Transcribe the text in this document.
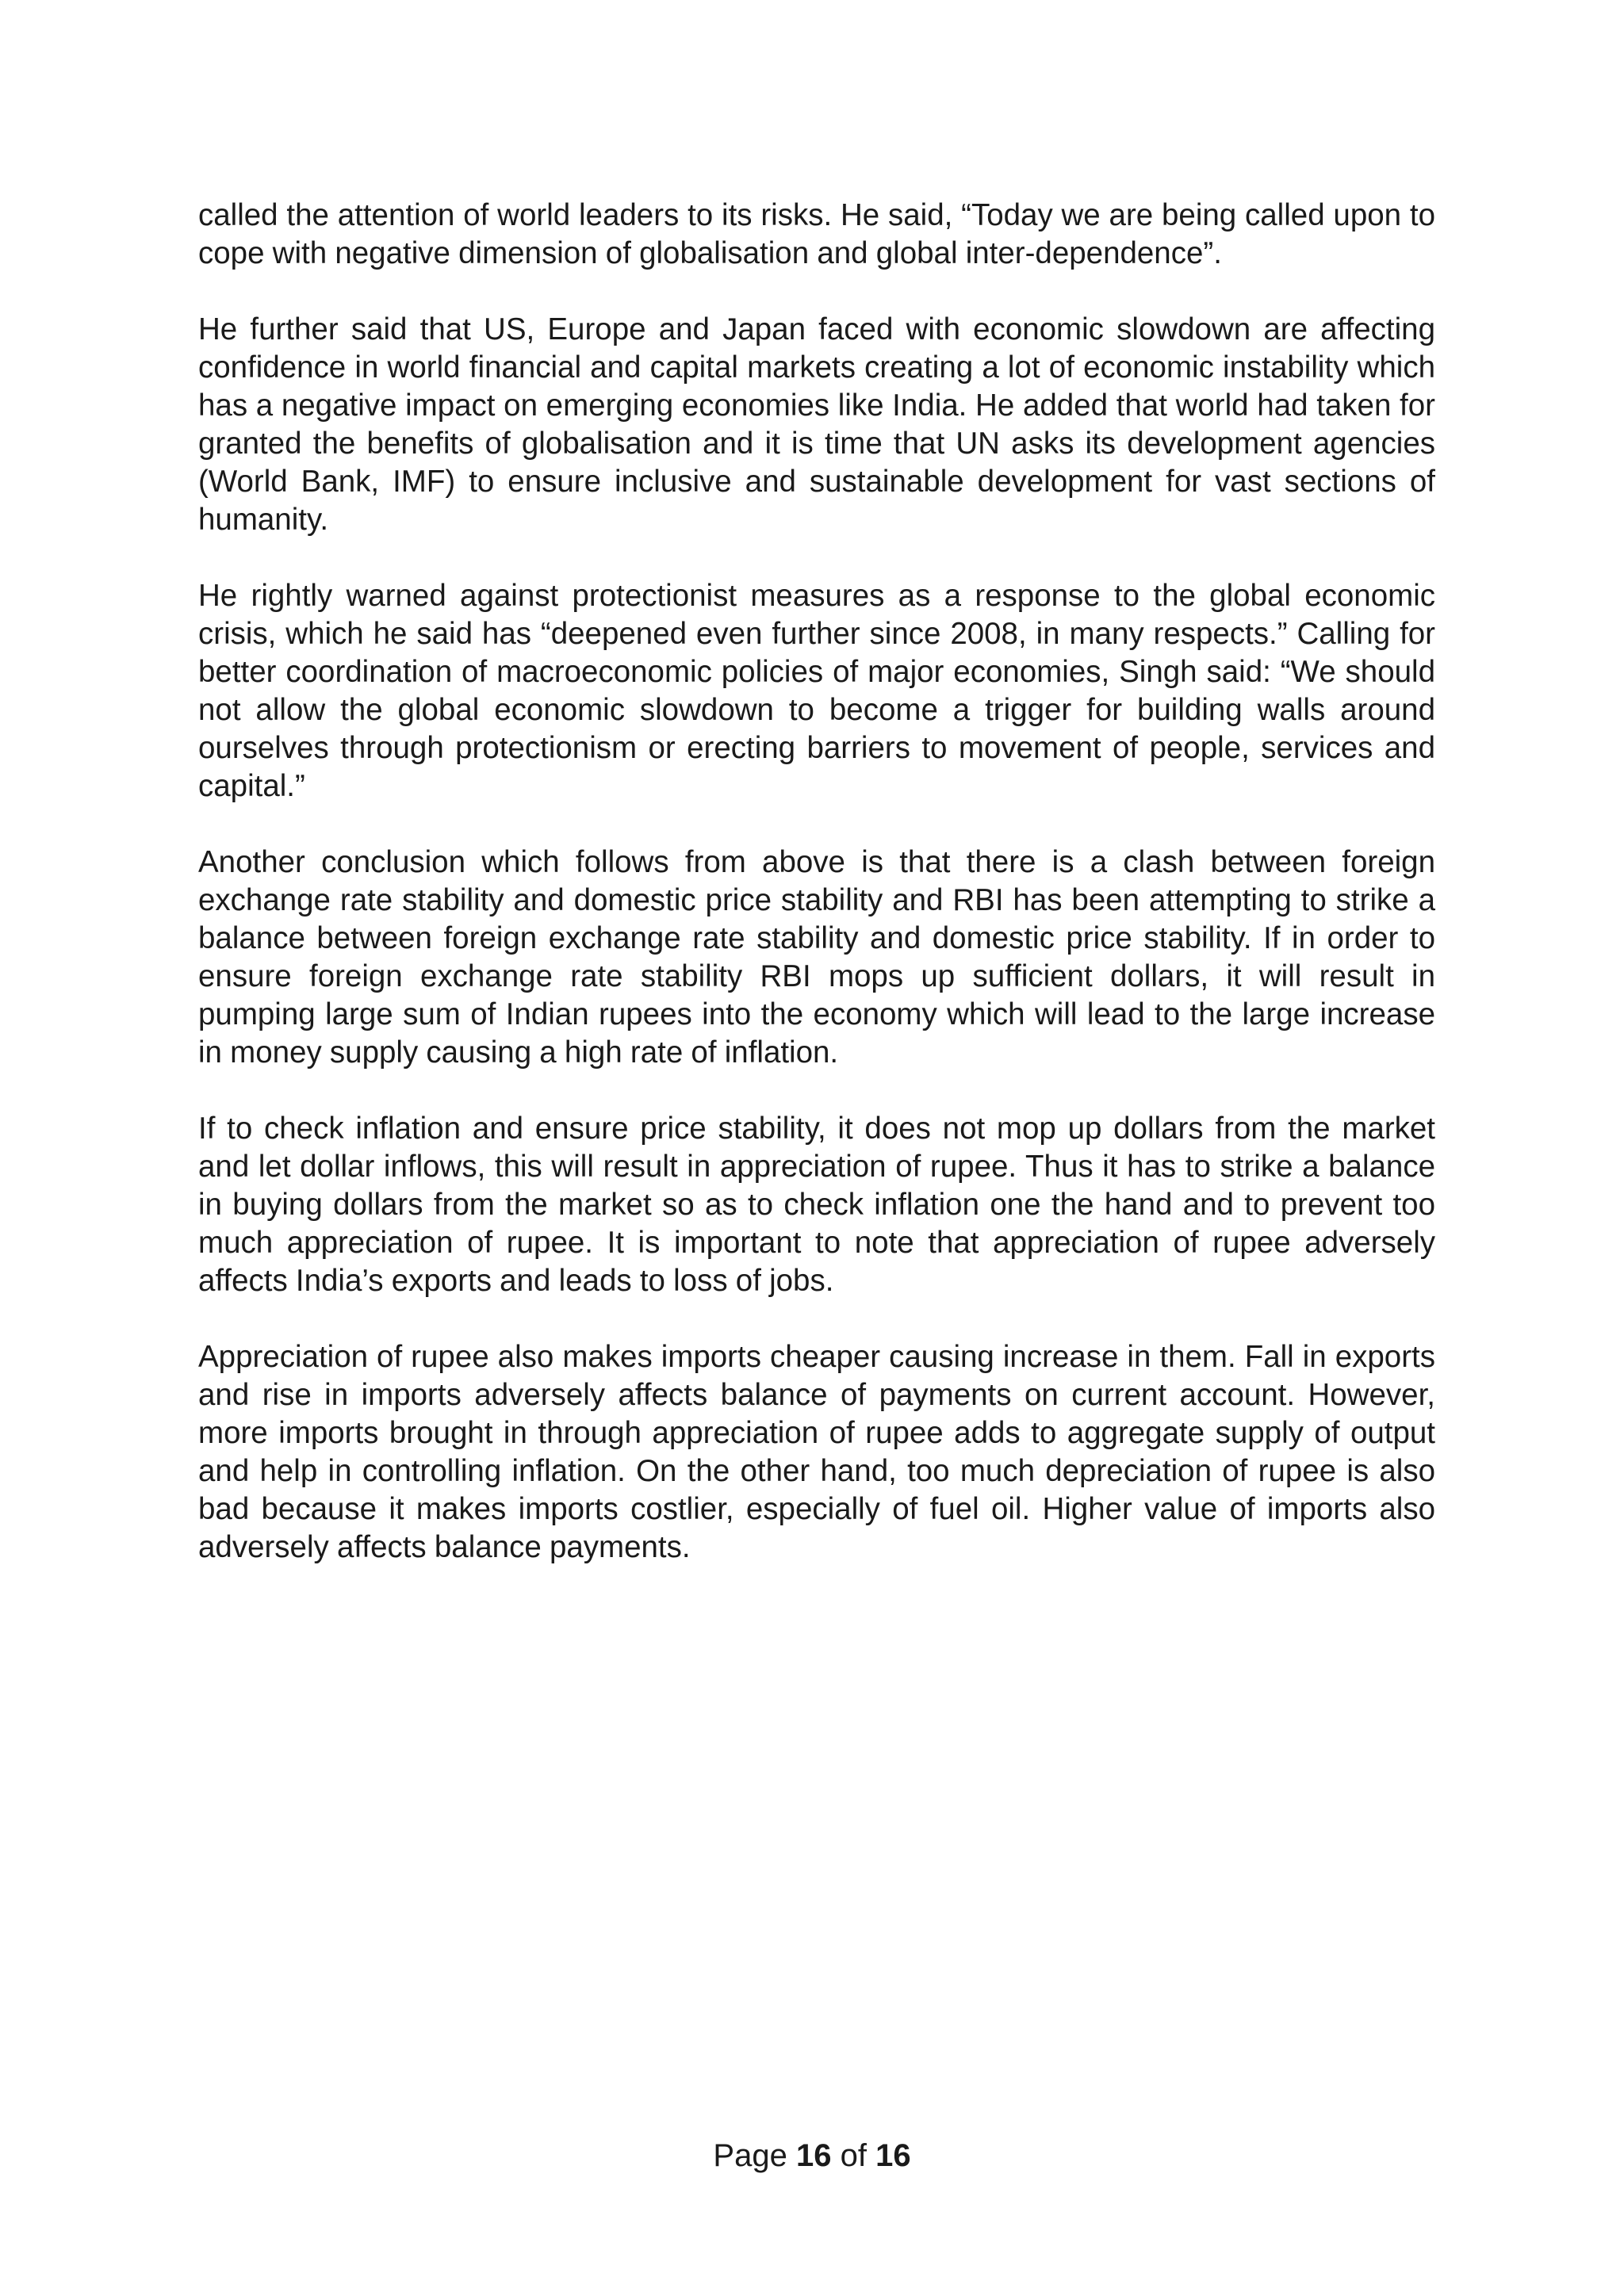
called the attention of world leaders to its risks. He said, “Today we are being called upon to cope with negative dimension of globalisation and global inter-dependence”.

He further said that US, Europe and Japan faced with economic slowdown are affecting confidence in world financial and capital markets creating a lot of economic instability which has a negative impact on emerging economies like India. He added that world had taken for granted the benefits of globalisation and it is time that UN asks its development agencies (World Bank, IMF) to ensure inclusive and sustainable development for vast sections of humanity.

He rightly warned against protectionist measures as a response to the global economic crisis, which he said has “deepened even further since 2008, in many respects.” Calling for better coordination of macroeconomic policies of major economies, Singh said: “We should not allow the global economic slowdown to become a trigger for building walls around ourselves through protectionism or erecting barriers to movement of people, services and capital.”

Another conclusion which follows from above is that there is a clash between foreign exchange rate stability and domestic price stability and RBI has been attempting to strike a balance between foreign exchange rate stability and domestic price stability. If in order to ensure foreign exchange rate stability RBI mops up sufficient dollars, it will result in pumping large sum of Indian rupees into the economy which will lead to the large increase in money supply causing a high rate of inflation.

If to check inflation and ensure price stability, it does not mop up dollars from the market and let dollar inflows, this will result in appreciation of rupee. Thus it has to strike a balance in buying dollars from the market so as to check inflation one the hand and to prevent too much appreciation of rupee. It is important to note that appreciation of rupee adversely affects India’s exports and leads to loss of jobs.

Appreciation of rupee also makes imports cheaper causing increase in them. Fall in exports and rise in imports adversely affects balance of payments on current account. However, more imports brought in through appreciation of rupee adds to aggregate supply of output and help in controlling inflation. On the other hand, too much depreciation of rupee is also bad because it makes imports costlier, especially of fuel oil. Higher value of imports also adversely affects balance payments.

Page 16 of 16
